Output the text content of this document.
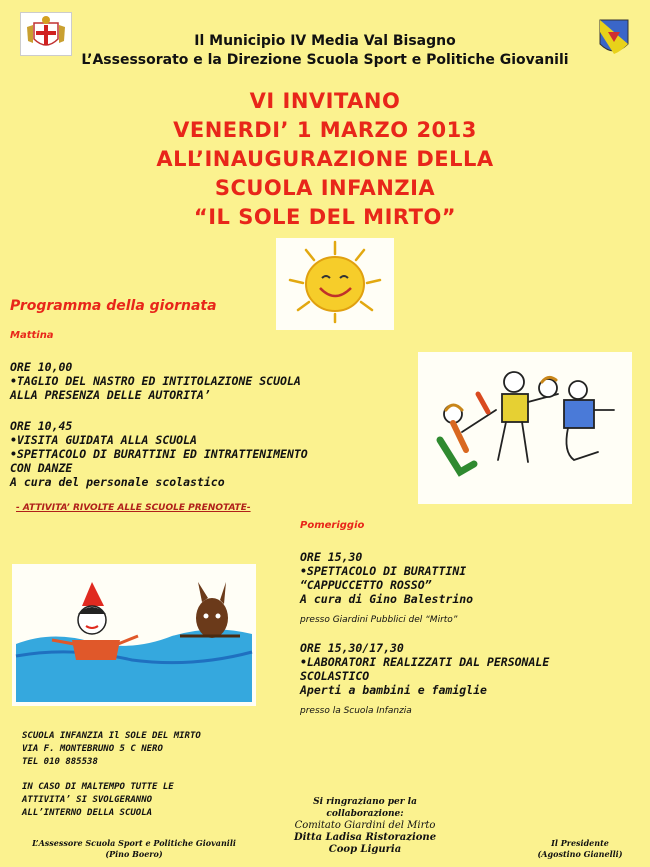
Il Municipio IV Media Val Bisagno
L’Assessorato e la Direzione Scuola Sport e Politiche Giovanili
VI INVITANO
VENERDI’ 1 MARZO 2013
ALL’INAUGURAZIONE DELLA
SCUOLA INFANZIA
“IL SOLE DEL MIRTO”
Programma della giornata
Mattina
ORE 10,00
•TAGLIO DEL NASTRO ED INTITOLAZIONE SCUOLA
ALLA PRESENZA DELLE AUTORITA’
ORE 10,45
•VISITA GUIDATA ALLA SCUOLA
•SPETTACOLO DI BURATTINI ED INTRATTENIMENTO
CON DANZE
A cura del personale scolastico
- ATTIVITA’ RIVOLTE ALLE SCUOLE PRENOTATE-
Pomeriggio
ORE 15,30
•SPETTACOLO DI BURATTINI
“CAPPUCCETTO ROSSO”
A cura di Gino Balestrino
presso Giardini Pubblici del “Mirto”
ORE 15,30/17,30
•LABORATORI REALIZZATI DAL PERSONALE
SCOLASTICO
Aperti a bambini e famiglie
presso la Scuola Infanzia
SCUOLA INFANZIA Il SOLE DEL MIRTO
VIA F. MONTEBRUNO 5 C NERO
TEL 010 885538
IN CASO DI MALTEMPO TUTTE LE
ATTIVITA’ SI SVOLGERANNO
ALL’INTERNO DELLA SCUOLA
Si ringraziano per la
collaborazione:
Comitato Giardini del Mirto
Ditta Ladisa Ristorazione
Coop Liguria
L’Assessore Scuola Sport e Politiche Giovanili
(Pino Boero)
Il Presidente
(Agostino Gianelli)
